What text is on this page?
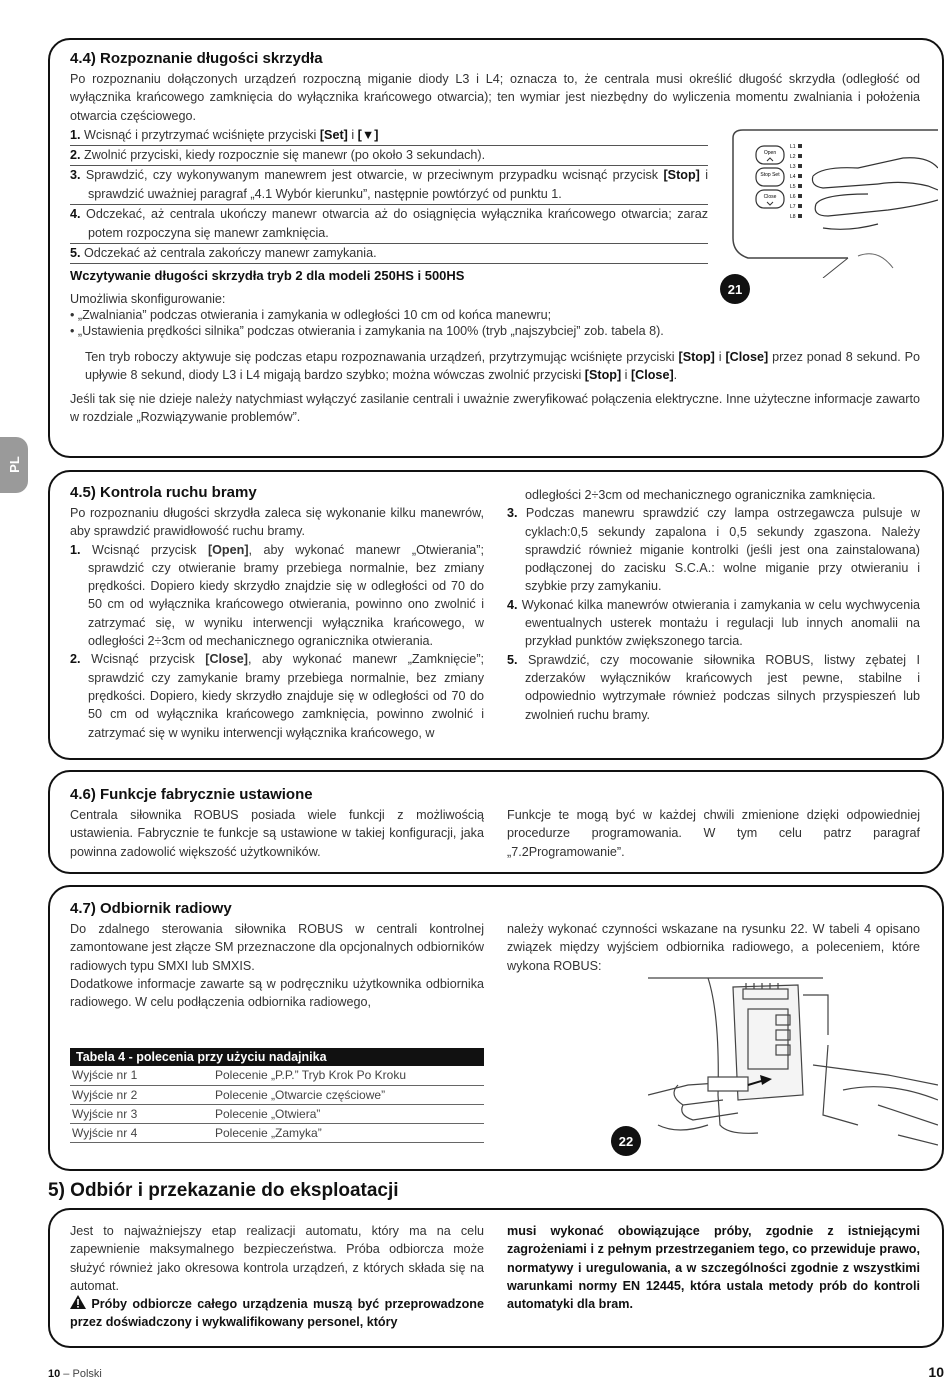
PL
4.4) Rozpoznanie długości skrzydła
Po rozpoznaniu dołączonych urządzeń rozpoczną miganie diody L3 i L4; oznacza to, że centrala musi określić długość skrzydła (odległość od wyłącznika krańcowego zamknięcia do wyłącznika krańcowego otwarcia); ten wymiar jest niezbędny do wyliczenia momentu zwalniania i położenia otwarcia częściowego.
1. Wcisnąć i przytrzymać wciśnięte przyciski [Set] i [▼]
2. Zwolnić przyciski, kiedy rozpocznie się manewr (po około 3 sekundach).
3. Sprawdzić, czy wykonywanym manewrem jest otwarcie, w przeciwnym przypadku wcisnąć przycisk [Stop] i sprawdzić uważniej paragraf „4.1 Wybór kierunku”, następnie powtórzyć od punktu 1.
4. Odczekać, aż centrala ukończy manewr otwarcia aż do osiągnięcia wyłącznika krańcowego otwarcia; zaraz potem rozpoczyna się manewr zamknięcia.
5. Odczekać aż centrala zakończy manewr zamykania.
Open
Stop Set
Close
L1
L2
L3
L4
L5
L6
L7
L8
21
Wczytywanie długości skrzydła tryb 2 dla modeli 250HS i 500HS
Umożliwia skonfigurowanie:
• „Zwalniania” podczas otwierania i zamykania w odległości 10 cm od końca manewru;
• „Ustawienia prędkości silnika” podczas otwierania i zamykania na 100% (tryb „najszybciej” zob. tabela 8).
Ten tryb roboczy aktywuje się podczas etapu rozpoznawania urządzeń, przytrzymując wciśnięte przyciski [Stop] i [Close] przez ponad 8 sekund. Po upływie 8 sekund, diody L3 i L4 migają bardzo szybko; można wówczas zwolnić przyciski [Stop] i [Close].
Jeśli tak się nie dzieje należy natychmiast wyłączyć zasilanie centrali i uważnie zweryfikować połączenia elektryczne. Inne użyteczne informacje zawarto w rozdziale „Rozwiązywanie problemów”.
4.5) Kontrola ruchu bramy

Po rozpoznaniu długości skrzydła zaleca się wykonanie kilku manewrów, aby sprawdzić prawidłowość ruchu bramy.

1. Wcisnąć przycisk [Open], aby wykonać manewr „Otwierania”; sprawdzić czy otwieranie bramy przebiega normalnie, bez zmiany prędkości. Dopiero kiedy skrzydło znajdzie się w odległości od 70 do 50 cm od wyłącznika krańcowego otwierania, powinno ono zwolnić i zatrzymać się, w wyniku interwencji wyłącznika krańcowego, w odległości 2÷3cm od mechanicznego ogranicznika otwierania.

2. Wcisnąć przycisk [Close], aby wykonać manewr „Zamknięcie”; sprawdzić czy zamykanie bramy przebiega normalnie, bez zmiany prędkości. Dopiero, kiedy skrzydło znajduje się w odległości od 70 do 50 cm od wyłącznika krańcowego zamknięcia, powinno zwolnić i zatrzymać się w wyniku interwencji wyłącznika krańcowego, w

odległości 2÷3cm od mechanicznego ogranicznika zamknięcia.

3. Podczas manewru sprawdzić czy lampa ostrzegawcza pulsuje w cyklach:0,5 sekundy zapalona i 0,5 sekundy zgaszona. Należy sprawdzić również miganie kontrolki (jeśli jest ona zainstalowana) podłączonej do zacisku S.C.A.: wolne miganie przy otwieraniu i szybkie przy zamykaniu.

4. Wykonać kilka manewrów otwierania i zamykania w celu wychwycenia ewentualnych usterek montażu i regulacji lub innych anomalii na przykład punktów zwiększonego tarcia.

5. Sprawdzić, czy mocowanie siłownika ROBUS, listwy zębatej I zderzaków wyłączników krańcowych jest pewne, stabilne i odpowiednio wytrzymałe również podczas silnych przyspieszeń lub zwolnień ruchu bramy.

4.6) Funkcje fabrycznie ustawione
Centrala siłownika ROBUS posiada wiele funkcji z możliwością ustawienia. Fabrycznie te funkcje są ustawione w takiej konfiguracji, jaka powinna zadowolić większość użytkowników.
Funkcje te mogą być w każdej chwili zmienione dzięki odpowiedniej procedurze programowania. W tym celu patrz paragraf „7.2Programowanie”.
4.7) Odbiornik radiowy

Do zdalnego sterowania siłownika ROBUS w centrali kontrolnej zamontowane jest złącze SM przeznaczone dla opcjonalnych odbiorników radiowych typu SMXI lub SMXIS.

Dodatkowe informacje zawarte są w podręczniku użytkownika odbiornika radiowego. W celu podłączenia odbiornika radiowego,

należy wykonać czynności wskazane na rysunku 22. W tabeli 4 opisano związek między wyjściem odbiornika radiowego, a poleceniem, które wykona ROBUS:
Tabela 4 - polecenia przy użyciu nadajnika	
Wyjście nr 1	Polecenie „P.P.” Tryb Krok Po Kroku
Wyjście nr 2	Polecenie „Otwarcie częściowe”
Wyjście nr 3	Polecenie „Otwiera”
Wyjście nr 4	Polecenie „Zamyka”
22
5) Odbiór i przekazanie do eksploatacji

Jest to najważniejszy etap realizacji automatu, który ma na celu zapewnienie maksymalnego bezpieczeństwa. Próba odbiorcza może służyć również jako okresowa kontrola urządzeń, z których składa się na automat.

Próby odbiorcze całego urządzenia muszą być przeprowadzone przez doświadczony i wykwalifikowany personel, który

musi wykonać obowiązujące próby, zgodnie z istniejącymi zagrożeniami i z pełnym przestrzeganiem tego, co przewiduje prawo, normatywy i uregulowania, a w szczególności zgodnie z wszystkimi warunkami normy EN 12445, która ustala metody prób do kontroli automatyki dla bram.
10 – Polski	10
